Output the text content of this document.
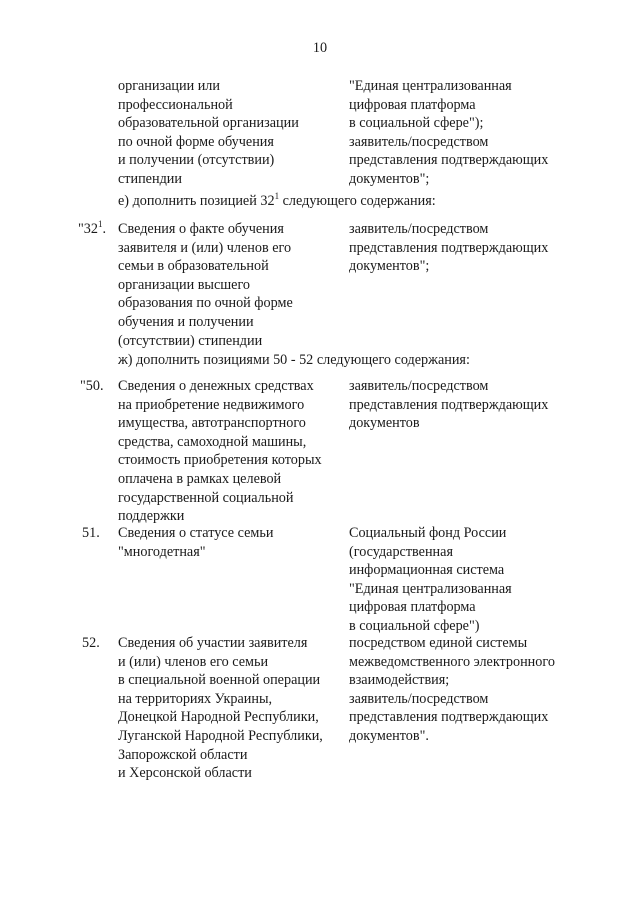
10
организации или
профессиональной
образовательной организации
по очной форме обучения
и получении (отсутствии)
стипендии
"Единая централизованная
цифровая платформа
в социальной сфере");
заявитель/посредством
представления подтверждающих
документов";
е) дополнить позицией $32^1$ следующего содержания:
"$32^1$. Сведения о факте обучения
заявителя и (или) членов его
семьи в образовательной
организации высшего
образования по очной форме
обучения и получении
(отсутствии) стипендии
заявитель/посредством
представления подтверждающих
документов";
ж) дополнить позициями 50 - 52 следующего содержания:
"50. Сведения о денежных средствах
на приобретение недвижимого
имущества, автотранспортного
средства, самоходной машины,
стоимость приобретения которых
оплачена в рамках целевой
государственной социальной
поддержки
заявитель/посредством
представления подтверждающих
документов
51. Сведения о статусе семьи
"многодетная"
Социальный фонд России
(государственная
информационная система
"Единая централизованная
цифровая платформа
в социальной сфере")
52. Сведения об участии заявителя
и (или) членов его семьи
в специальной военной операции
на территориях Украины,
Донецкой Народной Республики,
Луганской Народной Республики,
Запорожской области
и Херсонской области
посредством единой системы
межведомственного электронного
взаимодействия;
заявитель/посредством
представления подтверждающих
документов".
